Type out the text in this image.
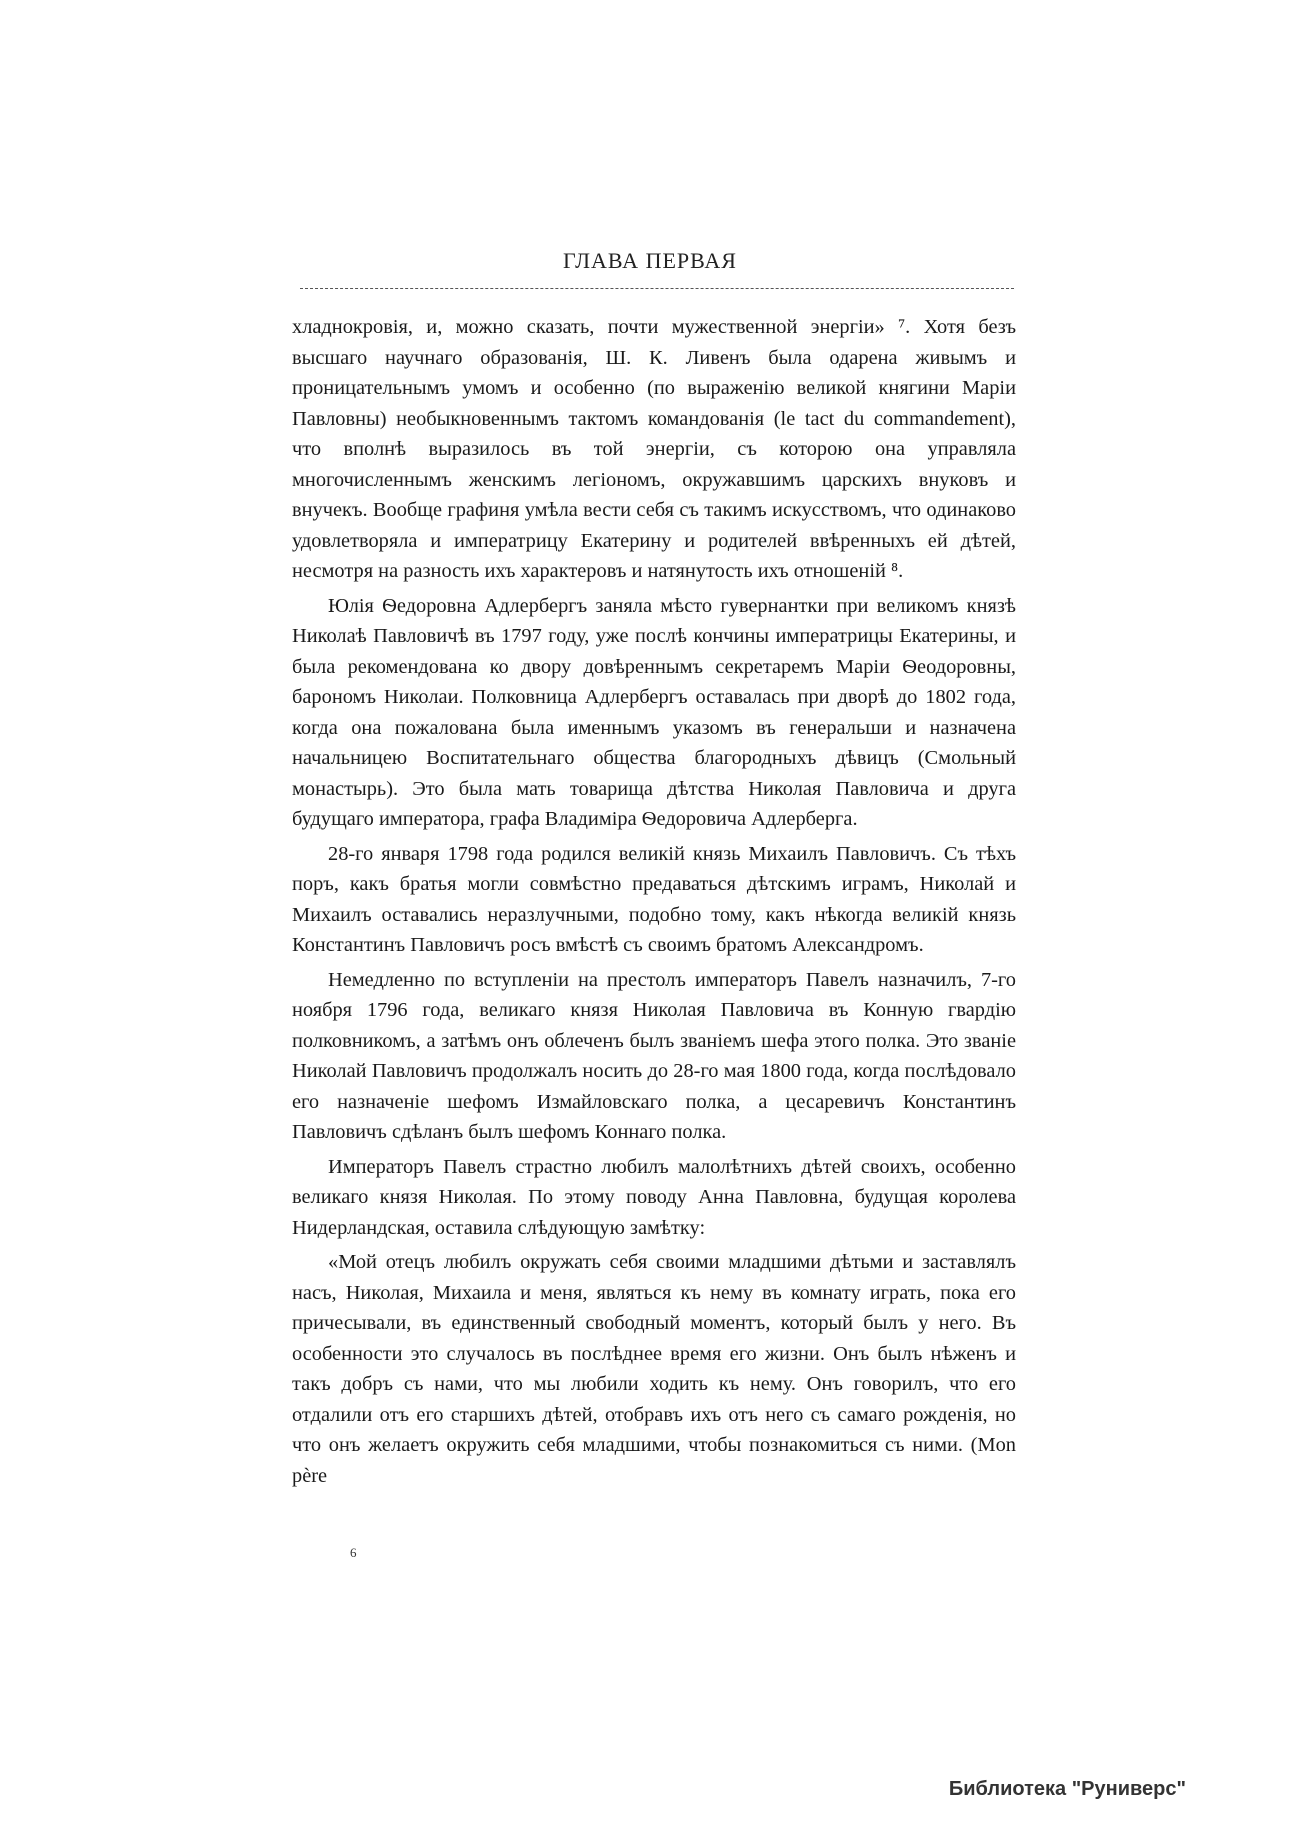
ГЛАВА ПЕРВАЯ

хладнокровія, и, можно сказать, почти мужественной энергіи» ⁷. Хотя безъ высшаго научнаго образованія, Ш. К. Ливенъ была одарена живымъ и проницательнымъ умомъ и особенно (по выраженію великой княгини Маріи Павловны) необыкновеннымъ тактомъ командованія (le tact du commandement), что вполнѣ выразилось въ той энергіи, съ которою она управляла многочисленнымъ женскимъ легіономъ, окружавшимъ царскихъ внуковъ и внучекъ. Вообще графиня умѣла вести себя съ такимъ искусствомъ, что одинаково удовлетворяла и императрицу Екатерину и родителей ввѣренныхъ ей дѣтей, несмотря на разность ихъ характеровъ и натянутость ихъ отношеній ⁸.

Юлія Ѳедоровна Адлербергъ заняла мѣсто гувернантки при великомъ князѣ Николаѣ Павловичѣ въ 1797 году, уже послѣ кончины императрицы Екатерины, и была рекомендована ко двору довѣреннымъ секретаремъ Маріи Ѳеодоровны, барономъ Николаи. Полковница Адлербергъ оставалась при дворѣ до 1802 года, когда она пожалована была именнымъ указомъ въ генеральши и назначена начальницею Воспитательнаго общества благородныхъ дѣвицъ (Смольный монастырь). Это была мать товарища дѣтства Николая Павловича и друга будущаго императора, графа Владиміра Ѳедоровича Адлерберга.

28-го января 1798 года родился великій князь Михаилъ Павловичъ. Съ тѣхъ поръ, какъ братья могли совмѣстно предаваться дѣтскимъ играмъ, Николай и Михаилъ оставались неразлучными, подобно тому, какъ нѣкогда великій князь Константинъ Павловичъ росъ вмѣстѣ съ своимъ братомъ Александромъ.

Немедленно по вступленіи на престолъ императоръ Павелъ назначилъ, 7-го ноября 1796 года, великаго князя Николая Павловича въ Конную гвардію полковникомъ, а затѣмъ онъ облеченъ былъ званіемъ шефа этого полка. Это званіе Николай Павловичъ продолжалъ носить до 28-го мая 1800 года, когда послѣдовало его назначеніе шефомъ Измайловскаго полка, а цесаревичъ Константинъ Павловичъ сдѣланъ былъ шефомъ Коннаго полка.

Императоръ Павелъ страстно любилъ малолѣтнихъ дѣтей своихъ, особенно великаго князя Николая. По этому поводу Анна Павловна, будущая королева Нидерландская, оставила слѣдующую замѣтку:

«Мой отецъ любилъ окружать себя своими младшими дѣтьми и заставлялъ насъ, Николая, Михаила и меня, являться къ нему въ комнату играть, пока его причесывали, въ единственный свободный моментъ, который былъ у него. Въ особенности это случалось въ послѣднее время его жизни. Онъ былъ нѣженъ и такъ добръ съ нами, что мы любили ходить къ нему. Онъ говорилъ, что его отдалили отъ его старшихъ дѣтей, отобравъ ихъ отъ него съ самаго рожденія, но что онъ желаетъ окружить себя младшими, чтобы познакомиться съ ними. (Mon père

6
Библиотека "Руниверс"
